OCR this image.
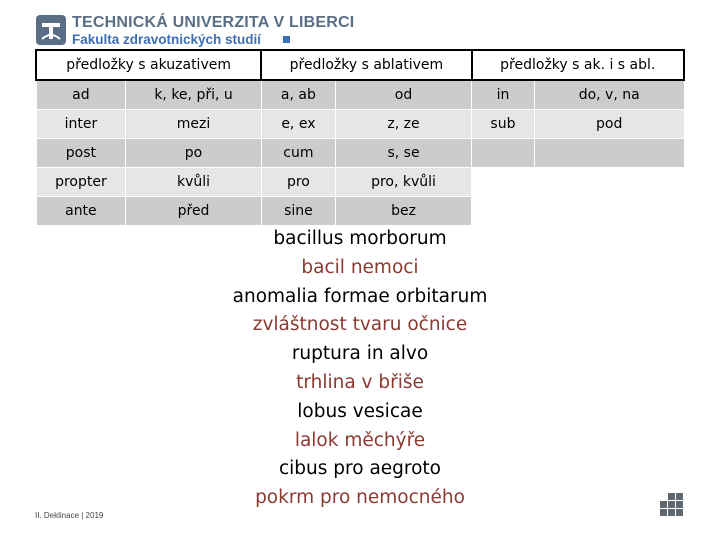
TECHNICKÁ UNIVERZITA V LIBERCI
Fakulta zdravotnických studií
předložky s akuzativem		předložky s ablativem		předložky s ak. i s abl.	
ad	k, ke, při, u	a, ab	od	in	do, v, na
inter	mezi	e, ex	z, ze	sub	pod
post	po	cum	s, se		
propter	kvůli	pro	pro, kvůli		
ante	před	sine	bez		
bacillus morborum
bacil nemoci
anomalia formae orbitarum
zvláštnost tvaru očnice
ruptura in alvo
trhlina v břiše
lobus vesicae
lalok měchýře
cibus pro aegroto
pokrm pro nemocného
II. Deklinace | 2019
